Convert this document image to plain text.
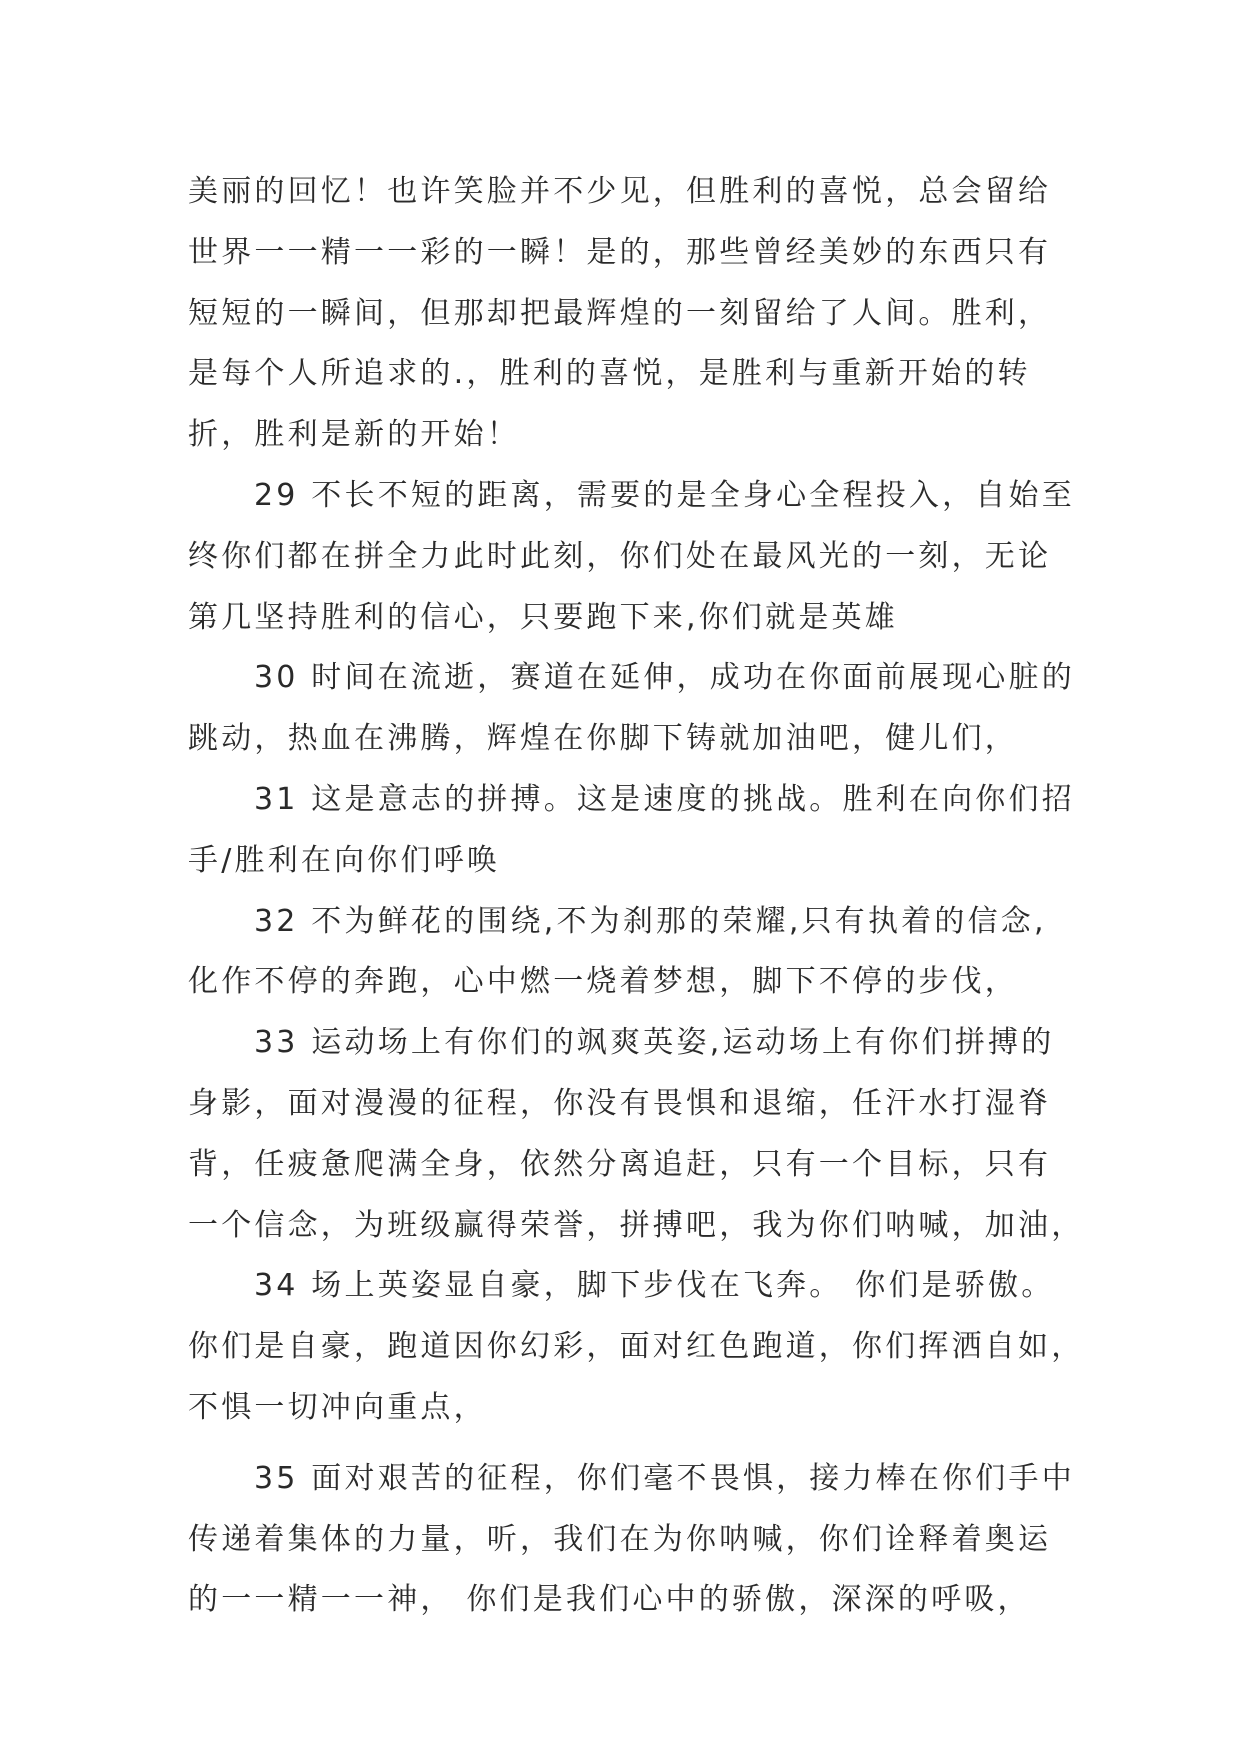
美丽的回忆！也许笑脸并不少见，但胜利的喜悦，总会留给
世界一一精一一彩的一瞬！是的，那些曾经美妙的东西只有
短短的一瞬间，但那却把最辉煌的一刻留给了人间。胜利，
是每个人所追求的.，胜利的喜悦，是胜利与重新开始的转
折，胜利是新的开始！
29 不长不短的距离，需要的是全身心全程投入，自始至
终你们都在拼全力此时此刻，你们处在最风光的一刻，无论
第几坚持胜利的信心，只要跑下来,你们就是英雄
30 时间在流逝，赛道在延伸，成功在你面前展现心脏的
跳动，热血在沸腾，辉煌在你脚下铸就加油吧，健儿们，
31 这是意志的拼搏。这是速度的挑战。胜利在向你们招
手/胜利在向你们呼唤
32 不为鲜花的围绕,不为刹那的荣耀,只有执着的信念,
化作不停的奔跑，心中燃一烧着梦想，脚下不停的步伐，
33 运动场上有你们的飒爽英姿,运动场上有你们拼搏的
身影，面对漫漫的征程，你没有畏惧和退缩，任汗水打湿脊
背，任疲惫爬满全身，依然分离追赶，只有一个目标，只有
一个信念，为班级赢得荣誉，拼搏吧，我为你们呐喊，加油，
34 场上英姿显自豪，脚下步伐在飞奔。 你们是骄傲。
你们是自豪，跑道因你幻彩，面对红色跑道，你们挥洒自如，
不惧一切冲向重点，
35 面对艰苦的征程，你们毫不畏惧，接力棒在你们手中
传递着集体的力量，听，我们在为你呐喊，你们诠释着奥运
的一一精一一神， 你们是我们心中的骄傲，深深的呼吸，
